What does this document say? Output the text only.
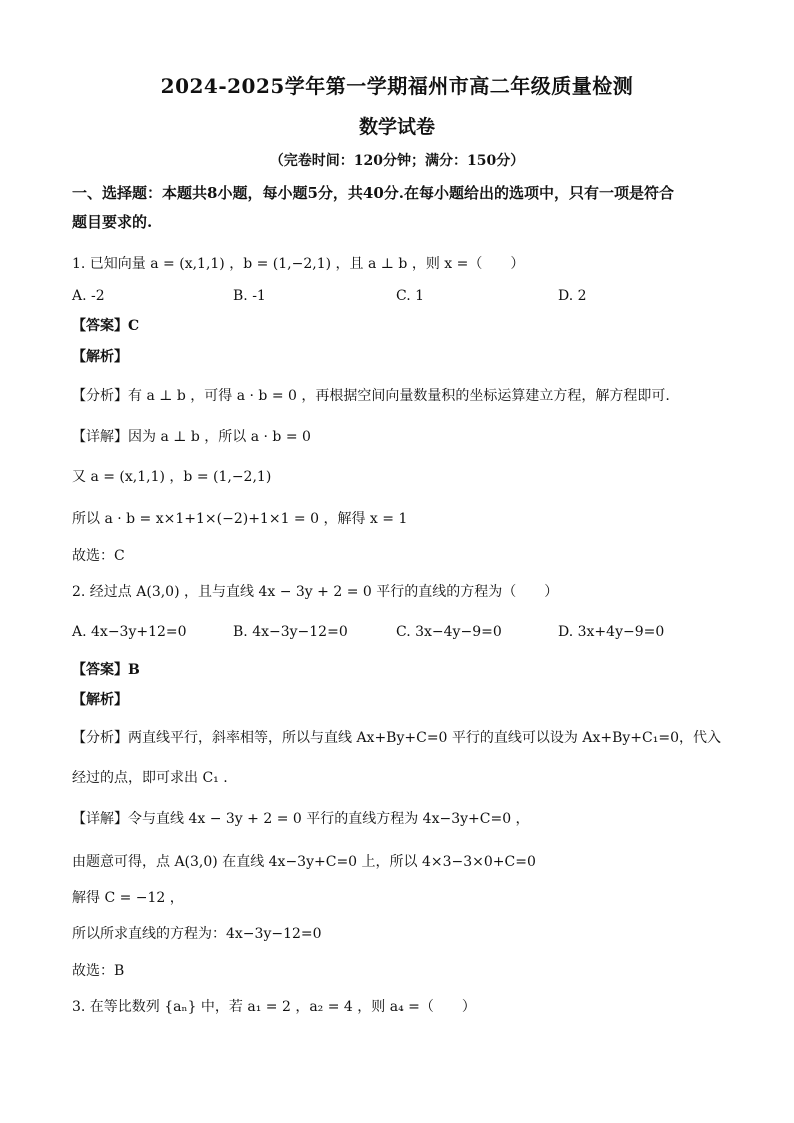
2024-2025学年第一学期福州市高二年级质量检测
数学试卷
（完卷时间：120分钟；满分：150分）
一、选择题：本题共8小题，每小题5分，共40分.在每小题给出的选项中，只有一项是符合
题目要求的.
1. 已知向量 a = (x,1,1) ，b = (1,−2,1) ，且 a ⊥ b ，则 x =（　　）
A. -2	B. -1	C. 1	D. 2
【答案】C
【解析】
【分析】有 a ⊥ b ，可得 a · b = 0 ，再根据空间向量数量积的坐标运算建立方程，解方程即可.
【详解】因为 a ⊥ b ，所以 a · b = 0
又 a = (x,1,1) ，b = (1,−2,1)
所以 a · b = x×1+1×(−2)+1×1 = 0 ，解得 x = 1
故选：C
2. 经过点 A(3,0) ，且与直线 4x − 3y + 2 = 0 平行的直线的方程为（　　）
A. 4x−3y+12=0	B. 4x−3y−12=0	C. 3x−4y−9=0	D. 3x+4y−9=0
【答案】B
【解析】
【分析】两直线平行，斜率相等，所以与直线 Ax+By+C=0 平行的直线可以设为 Ax+By+C₁=0，代入
经过的点，即可求出 C₁ .
【详解】令与直线 4x − 3y + 2 = 0 平行的直线方程为 4x−3y+C=0 ，
由题意可得，点 A(3,0) 在直线 4x−3y+C=0 上，所以 4×3−3×0+C=0
解得 C = −12 ，
所以所求直线的方程为：4x−3y−12=0
故选：B
3. 在等比数列 {aₙ} 中，若 a₁ = 2 ，a₂ = 4 ，则 a₄ =（　　）
